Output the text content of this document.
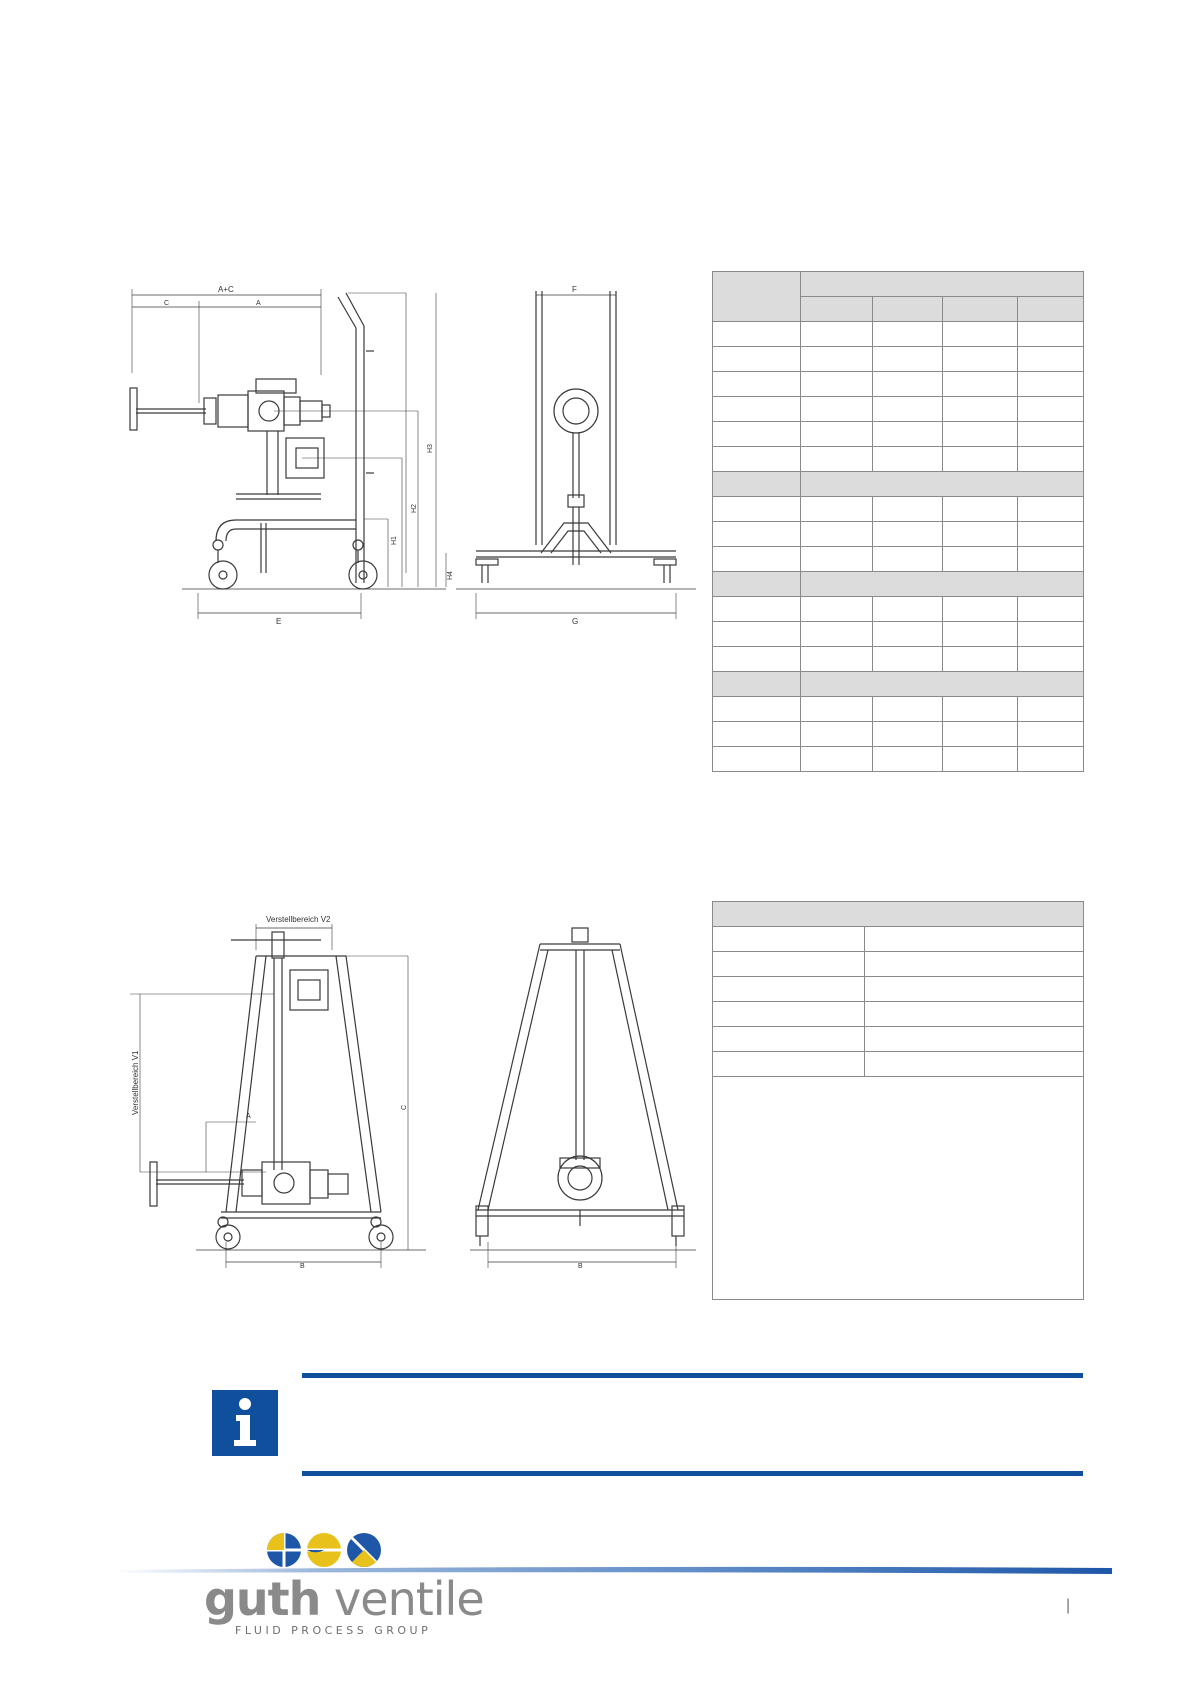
A+C
C	A
E
H3
H2
H1
H4
F
G

Verstellbereich V2
Verstellbereich V1
A
B
C
B

guth ventile
FLUID PROCESS GROUP
|
